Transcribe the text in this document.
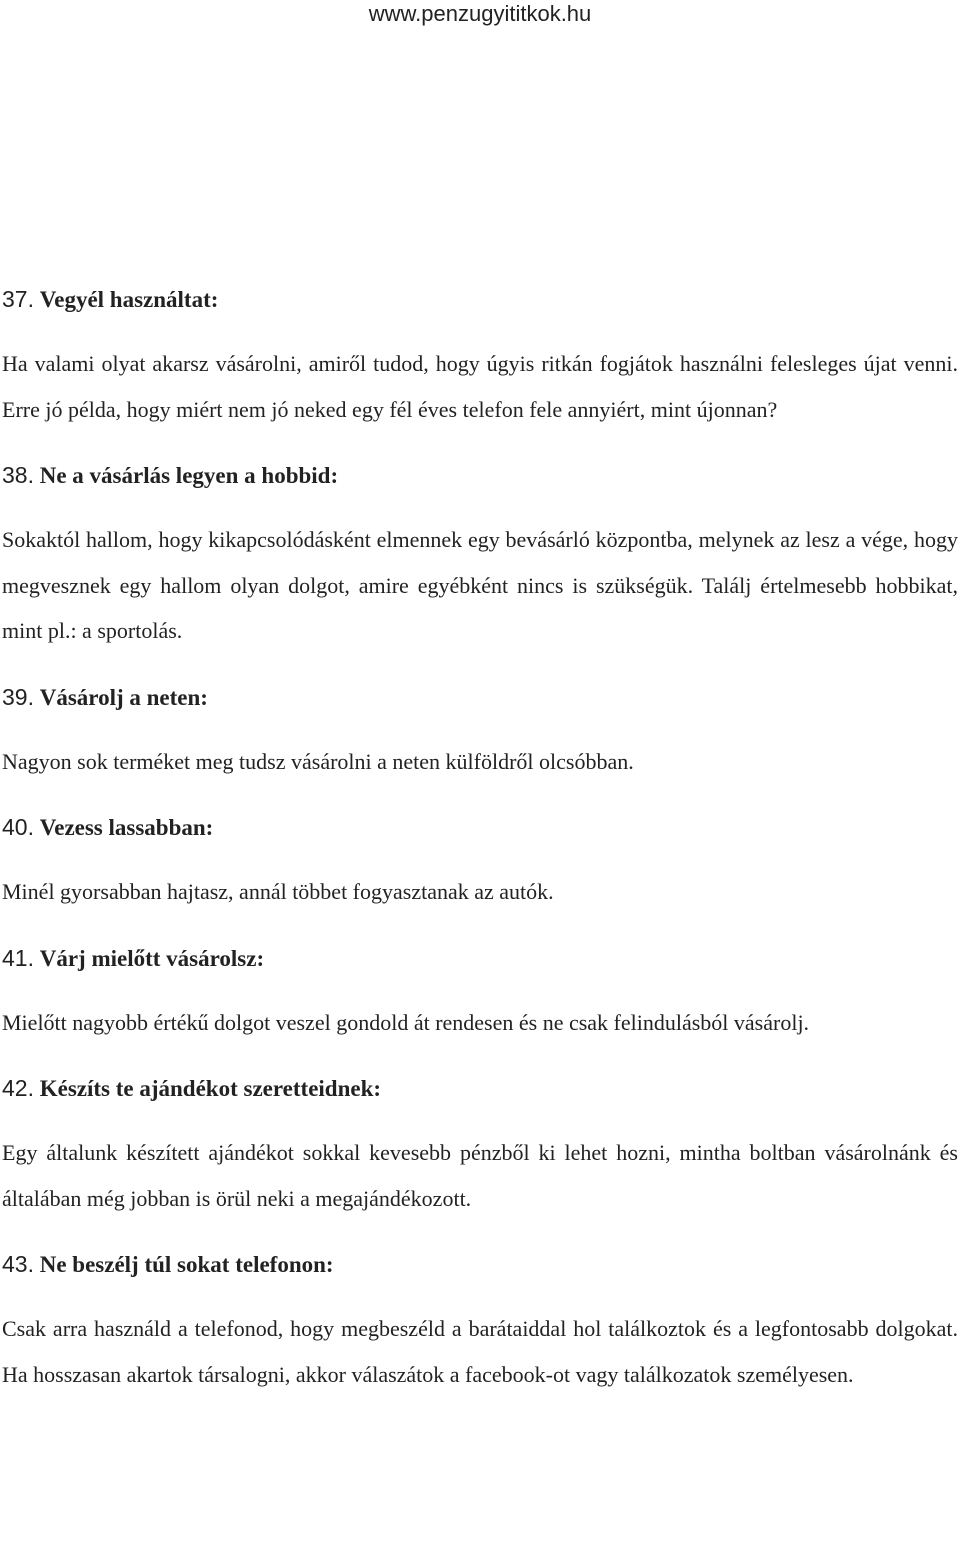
www.penzugyititkok.hu
37. Vegyél használtat:

Ha valami olyat akarsz vásárolni, amiről tudod, hogy úgyis ritkán fogjátok használni felesleges újat venni. Erre jó példa, hogy miért nem jó neked egy fél éves telefon fele annyiért, mint újonnan?

38. Ne a vásárlás legyen a hobbid:

Sokaktól hallom, hogy kikapcsolódásként elmennek egy bevásárló központba, melynek az lesz a vége, hogy megvesznek egy hallom olyan dolgot, amire egyébként nincs is szükségük. Találj értelmesebb hobbikat, mint pl.: a sportolás.

39. Vásárolj a neten:

Nagyon sok terméket meg tudsz vásárolni a neten külföldről olcsóbban.

40. Vezess lassabban:

Minél gyorsabban hajtasz, annál többet fogyasztanak az autók.

41. Várj mielőtt vásárolsz:

Mielőtt nagyobb értékű dolgot veszel gondold át rendesen és ne csak felindulásból vásárolj.

42. Készíts te ajándékot szeretteidnek:

Egy általunk készített ajándékot sokkal kevesebb pénzből ki lehet hozni, mintha boltban vásárolnánk és általában még jobban is örül neki a megajándékozott.

43. Ne beszélj túl sokat telefonon:

Csak arra használd a telefonod, hogy megbeszéld a barátaiddal hol találkoztok és a legfontosabb dolgokat. Ha hosszasan akartok társalogni, akkor válaszátok a facebook-ot vagy találkozatok személyesen.
